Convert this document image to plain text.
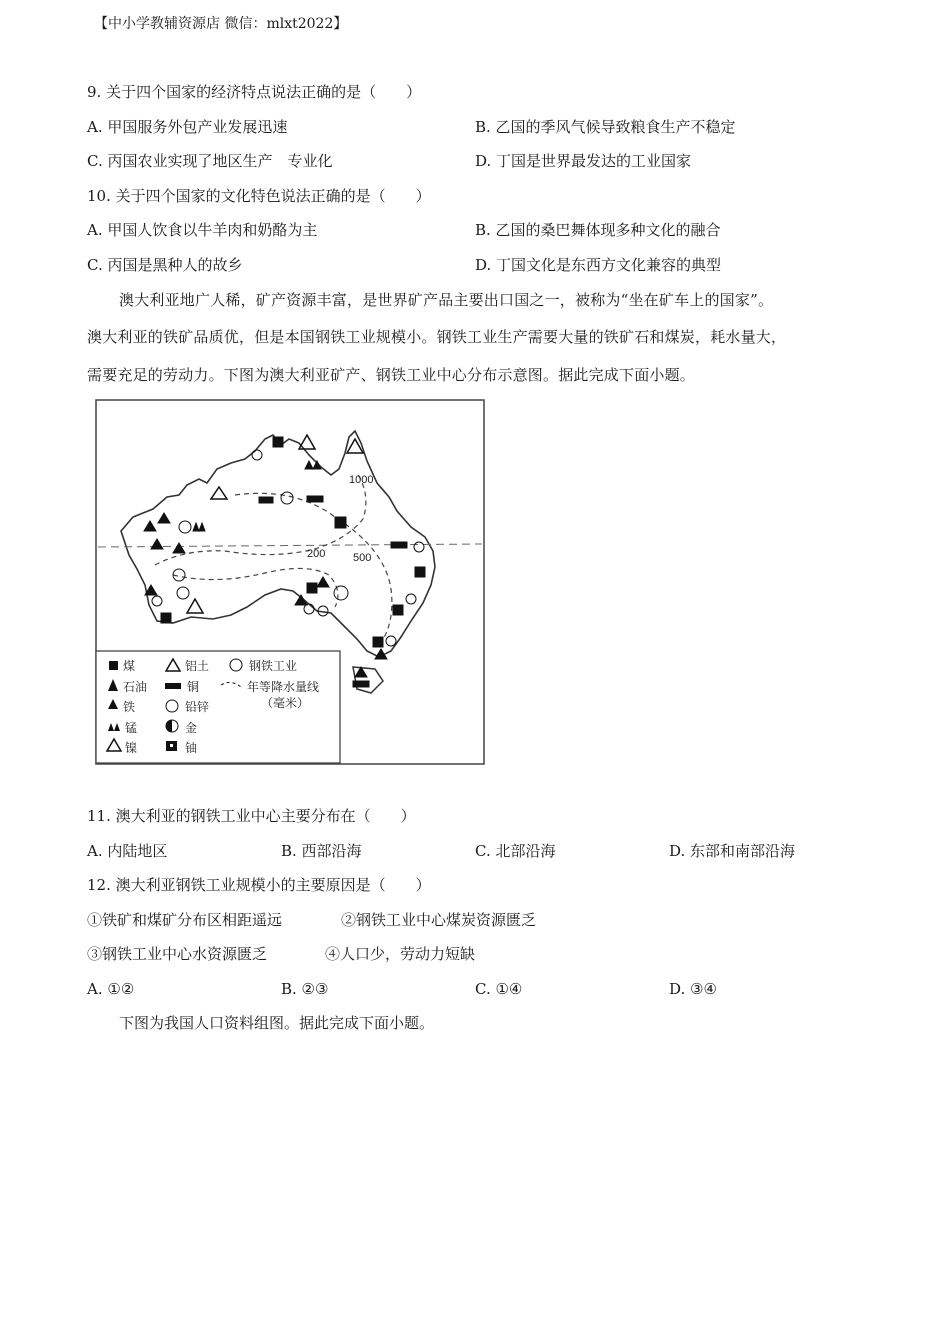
【中小学教辅资源店 微信：mlxt2022】
9. 关于四个国家的经济特点说法正确的是（　　）
A. 甲国服务外包产业发展迅速	B. 乙国的季风气候导致粮食生产不稳定
C. 丙国农业实现了地区生产　专业化	D. 丁国是世界最发达的工业国家
10. 关于四个国家的文化特色说法正确的是（　　）
A. 甲国人饮食以牛羊肉和奶酪为主	B. 乙国的桑巴舞体现多种文化的融合
C. 丙国是黑种人的故乡	D. 丁国文化是东西方文化兼容的典型
澳大利亚地广人稀，矿产资源丰富，是世界矿产品主要出口国之一，被称为“坐在矿车上的国家”。
澳大利亚的铁矿品质优，但是本国钢铁工业规模小。钢铁工业生产需要大量的铁矿石和煤炭，耗水量大，
需要充足的劳动力。下图为澳大利亚矿产、钢铁工业中心分布示意图。据此完成下面小题。
1000
200	500
煤	铝土	钢铁工业
石油	铜	年等降水量线
（毫米）
铁	铅锌
锰	金
镍	铀
11. 澳大利亚的钢铁工业中心主要分布在（　　）
A. 内陆地区	B. 西部沿海	C. 北部沿海	D. 东部和南部沿海
12. 澳大利亚钢铁工业规模小的主要原因是（　　）
①铁矿和煤矿分布区相距遥远	②钢铁工业中心煤炭资源匮乏
③钢铁工业中心水资源匮乏	④人口少，劳动力短缺
A. ①②	B. ②③	C. ①④	D. ③④
下图为我国人口资料组图。据此完成下面小题。
